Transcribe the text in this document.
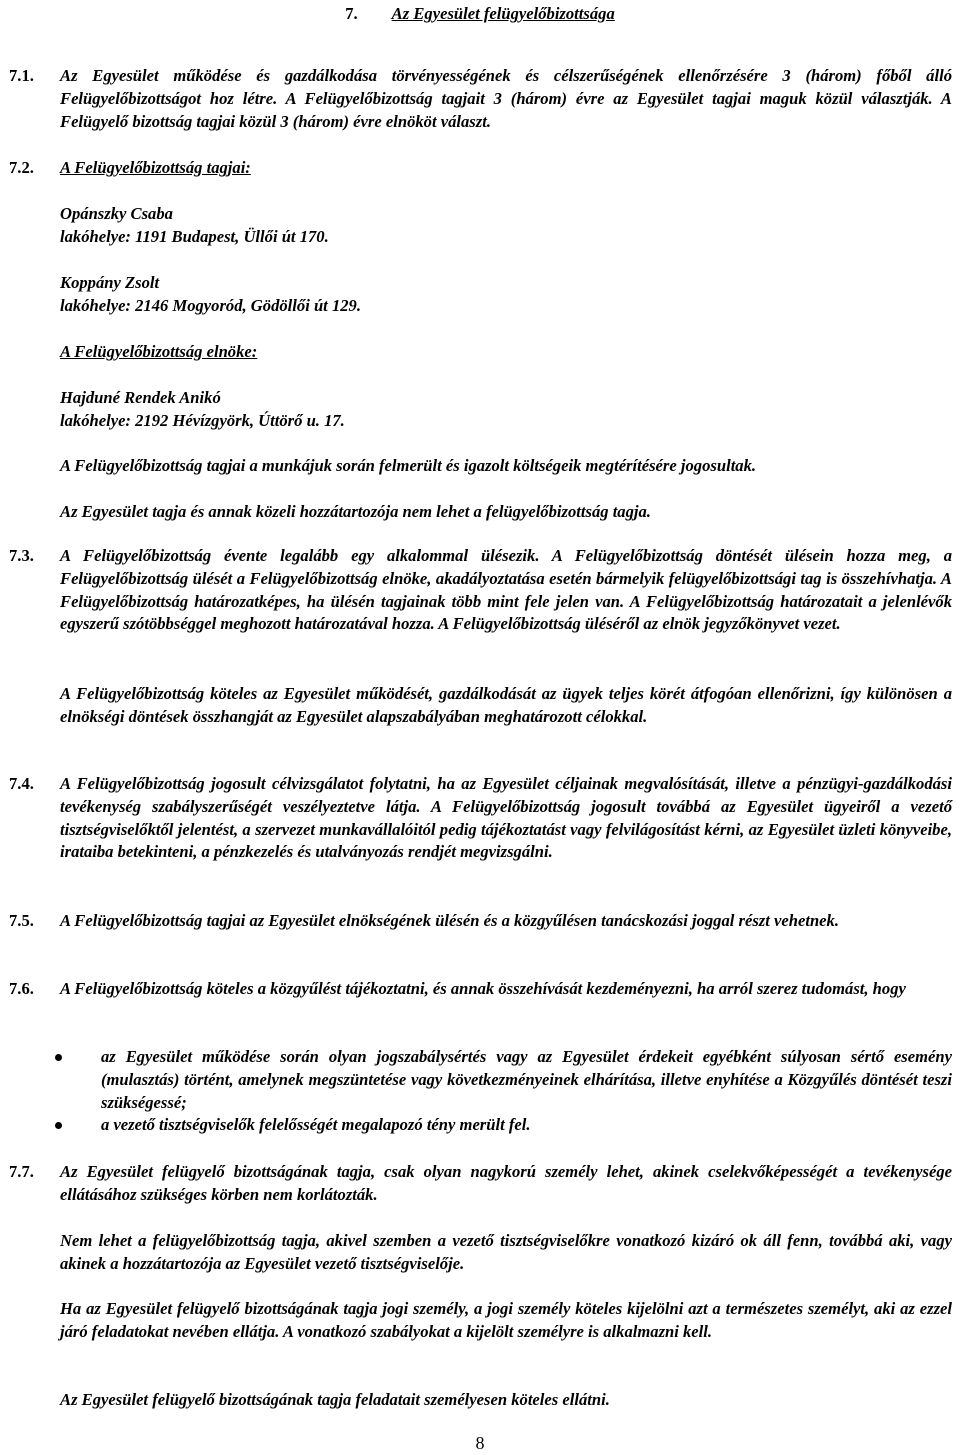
7. Az Egyesület felügyelőbizottsága
7.1.	Az Egyesület működése és gazdálkodása törvényességének és célszerűségének ellenőrzésére 3 (három) főből álló Felügyelőbizottságot hoz létre. A Felügyelőbizottság tagjait 3 (három) évre az Egyesület tagjai maguk közül választják. A Felügyelő bizottság tagjai közül 3 (három) évre elnököt választ.
7.2.	A Felügyelőbizottság tagjai:
Opánszky Csaba
lakóhelye: 1191 Budapest, Üllői út 170.
Koppány Zsolt
lakóhelye: 2146 Mogyoród, Gödöllői út 129.
A Felügyelőbizottság elnöke:
Hajduné Rendek Anikó
lakóhelye: 2192 Hévízgyörk, Úttörő u. 17.
A Felügyelőbizottság tagjai a munkájuk során felmerült és igazolt költségeik megtérítésére jogosultak.
Az Egyesület tagja és annak közeli hozzátartozója nem lehet a felügyelőbizottság tagja.
7.3.	A Felügyelőbizottság évente legalább egy alkalommal ülésezik. A Felügyelőbizottság döntését ülésein hozza meg, a Felügyelőbizottság ülését a Felügyelőbizottság elnöke, akadályoztatása esetén bármelyik felügyelőbizottsági tag is összehívhatja. A Felügyelőbizottság határozatképes, ha ülésén tagjainak több mint fele jelen van. A Felügyelőbizottság határozatait a jelenlévők egyszerű szótöbbséggel meghozott határozatával hozza. A Felügyelőbizottság üléséről az elnök jegyzőkönyvet vezet.
A Felügyelőbizottság köteles az Egyesület működését, gazdálkodását az ügyek teljes körét átfogóan ellenőrizni, így különösen a elnökségi döntések összhangját az Egyesület alapszabályában meghatározott célokkal.
7.4.	A Felügyelőbizottság jogosult célvizsgálatot folytatni, ha az Egyesület céljainak megvalósítását, illetve a pénzügyi-gazdálkodási tevékenység szabályszerűségét veszélyeztetve látja. A Felügyelőbizottság jogosult továbbá az Egyesület ügyeiről a vezető tisztségviselőktől jelentést, a szervezet munkavállalóitól pedig tájékoztatást vagy felvilágosítást kérni, az Egyesület üzleti könyveibe, irataiba betekinteni, a pénzkezelés és utalványozás rendjét megvizsgálni.
7.5.	A Felügyelőbizottság tagjai az Egyesület elnökségének ülésén és a közgyűlésen tanácskozási joggal részt vehetnek.
7.6.	A Felügyelőbizottság köteles a közgyűlést tájékoztatni, és annak összehívását kezdeményezni, ha arról szerez tudomást, hogy
az Egyesület működése során olyan jogszabálysértés vagy az Egyesület érdekeit egyébként súlyosan sértő esemény (mulasztás) történt, amelynek megszüntetése vagy következményeinek elhárítása, illetve enyhítése a Közgyűlés döntését teszi szükségessé;
a vezető tisztségviselők felelősségét megalapozó tény merült fel.
7.7.	Az Egyesület felügyelő bizottságának tagja, csak olyan nagykorú személy lehet, akinek cselekvőképességét a tevékenysége ellátásához szükséges körben nem korlátozták.
Nem lehet a felügyelőbizottság tagja, akivel szemben a vezető tisztségviselőkre vonatkozó kizáró ok áll fenn, továbbá aki, vagy akinek a hozzátartozója az Egyesület vezető tisztségviselője.
Ha az Egyesület felügyelő bizottságának tagja jogi személy, a jogi személy köteles kijelölni azt a természetes személyt, aki az ezzel járó feladatokat nevében ellátja. A vonatkozó szabályokat a kijelölt személyre is alkalmazni kell.
Az Egyesület felügyelő bizottságának tagja feladatait személyesen köteles ellátni.
8
